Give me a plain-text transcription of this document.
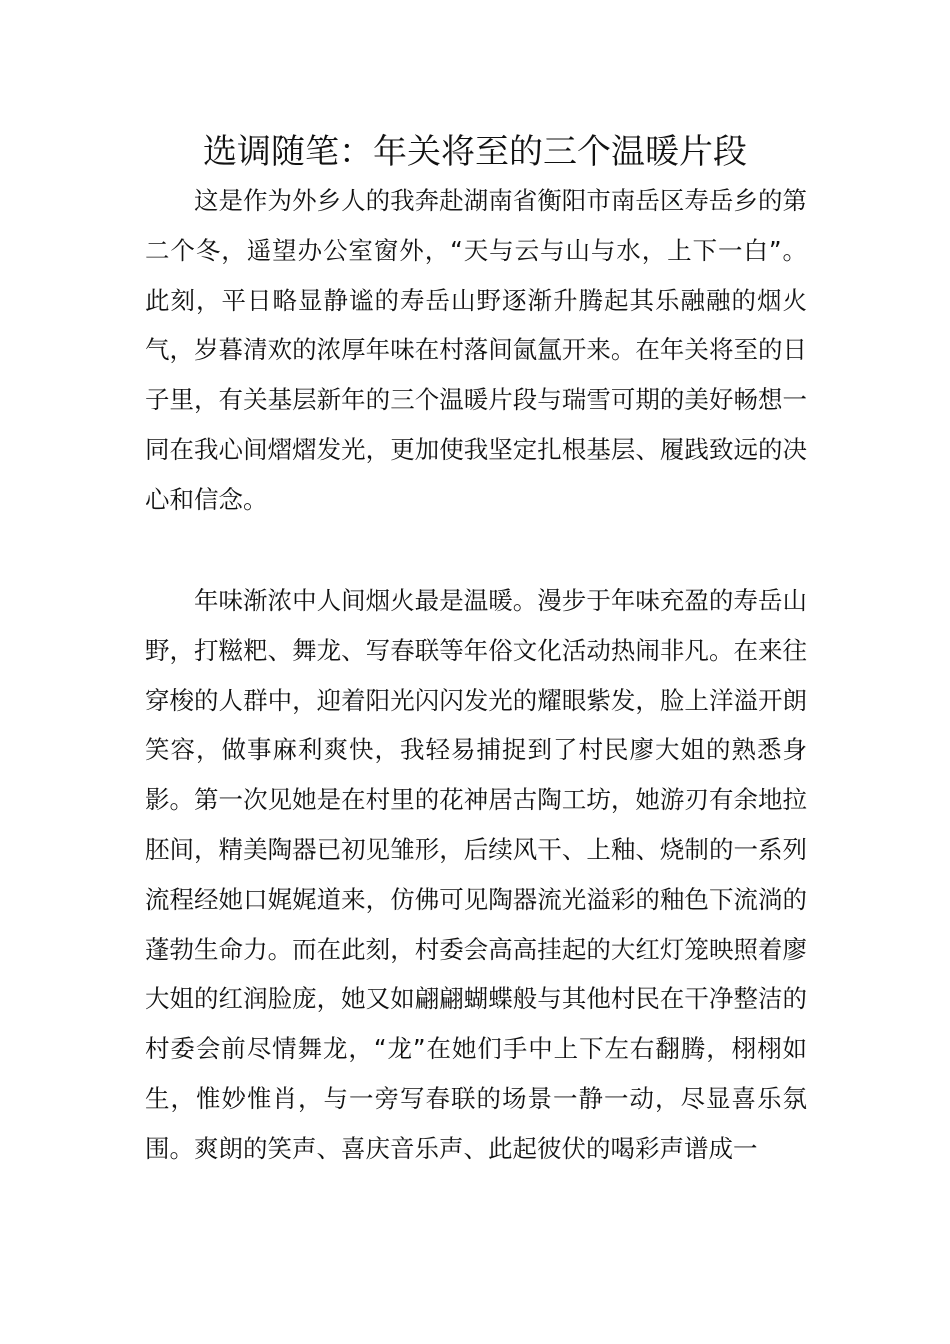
选调随笔：年关将至的三个温暖片段

这是作为外乡人的我奔赴湖南省衡阳市南岳区寿岳乡的第二个冬，遥望办公室窗外，“天与云与山与水，上下一白”。此刻，平日略显静谧的寿岳山野逐渐升腾起其乐融融的烟火气，岁暮清欢的浓厚年味在村落间氤氲开来。在年关将至的日子里，有关基层新年的三个温暖片段与瑞雪可期的美好畅想一同在我心间熠熠发光，更加使我坚定扎根基层、履践致远的决心和信念。

年味渐浓中人间烟火最是温暖。漫步于年味充盈的寿岳山野，打糍粑、舞龙、写春联等年俗文化活动热闹非凡。在来往穿梭的人群中，迎着阳光闪闪发光的耀眼紫发，脸上洋溢开朗笑容，做事麻利爽快，我轻易捕捉到了村民廖大姐的熟悉身影。第一次见她是在村里的花神居古陶工坊，她游刃有余地拉胚间，精美陶器已初见雏形，后续风干、上釉、烧制的一系列流程经她口娓娓道来，仿佛可见陶器流光溢彩的釉色下流淌的蓬勃生命力。而在此刻，村委会高高挂起的大红灯笼映照着廖大姐的红润脸庞，她又如翩翩蝴蝶般与其他村民在干净整洁的村委会前尽情舞龙，“龙”在她们手中上下左右翻腾，栩栩如生，惟妙惟肖，与一旁写春联的场景一静一动，尽显喜乐氛围。爽朗的笑声、喜庆音乐声、此起彼伏的喝彩声谱成一
